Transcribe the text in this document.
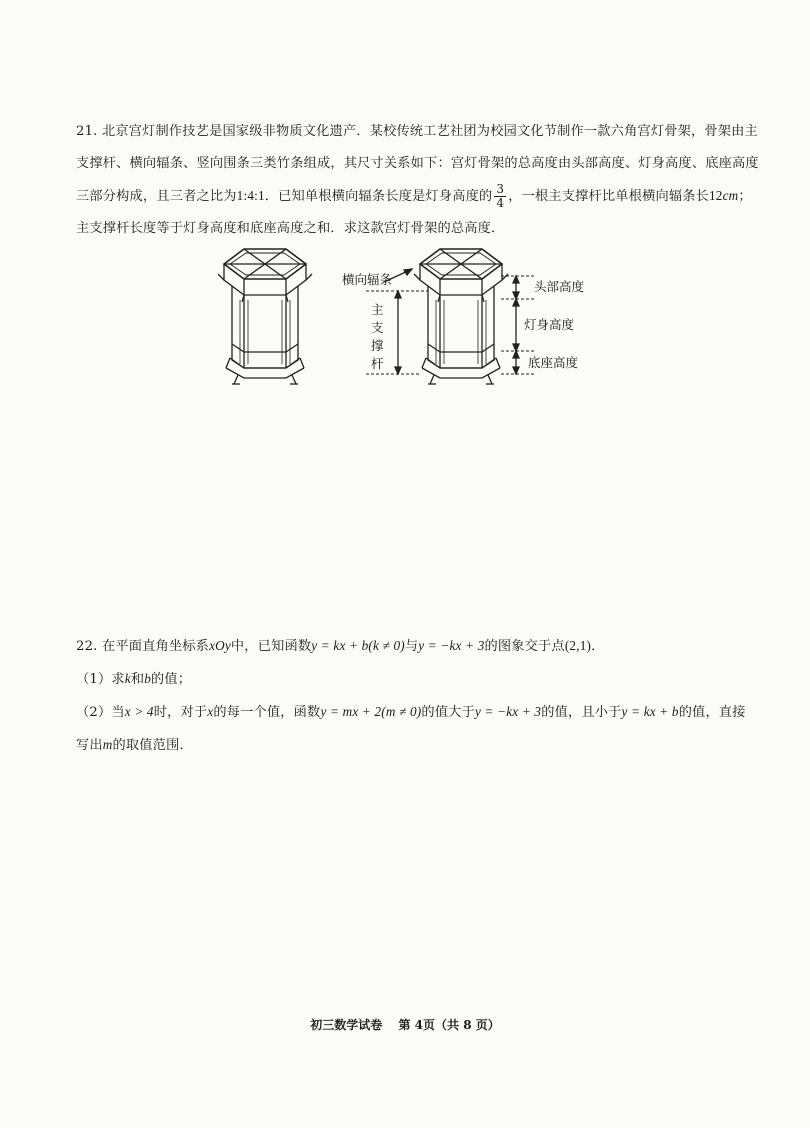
21. 北京宫灯制作技艺是国家级非物质文化遗产．某校传统工艺社团为校园文化节制作一款六角宫灯骨架，骨架由主

支撑杆、横向辐条、竖向围条三类竹条组成，其尺寸关系如下：宫灯骨架的总高度由头部高度、灯身高度、底座高度

三部分构成，且三者之比为1:4:1．已知单根横向辐条长度是灯身高度的 $\frac{3}{4}$ ，一根主支撑杆比单根横向辐条长12cm；

主支撑杆长度等于灯身高度和底座高度之和．求这款宫灯骨架的总高度．

横向辐条
主
支
撑
杆
头部高度
灯身高度
底座高度

22. 在平面直角坐标系xOy中，已知函数y = kx + b(k ≠ 0)与y = −kx + 3的图象交于点(2,1)．

（1）求k和b的值；

（2）当x > 4时，对于x的每一个值，函数y = mx + 2(m ≠ 0)的值大于y = −kx + 3的值，且小于y = kx + b的值，直接

写出m的取值范围．

初三数学试卷 第 4页（共 8 页）
